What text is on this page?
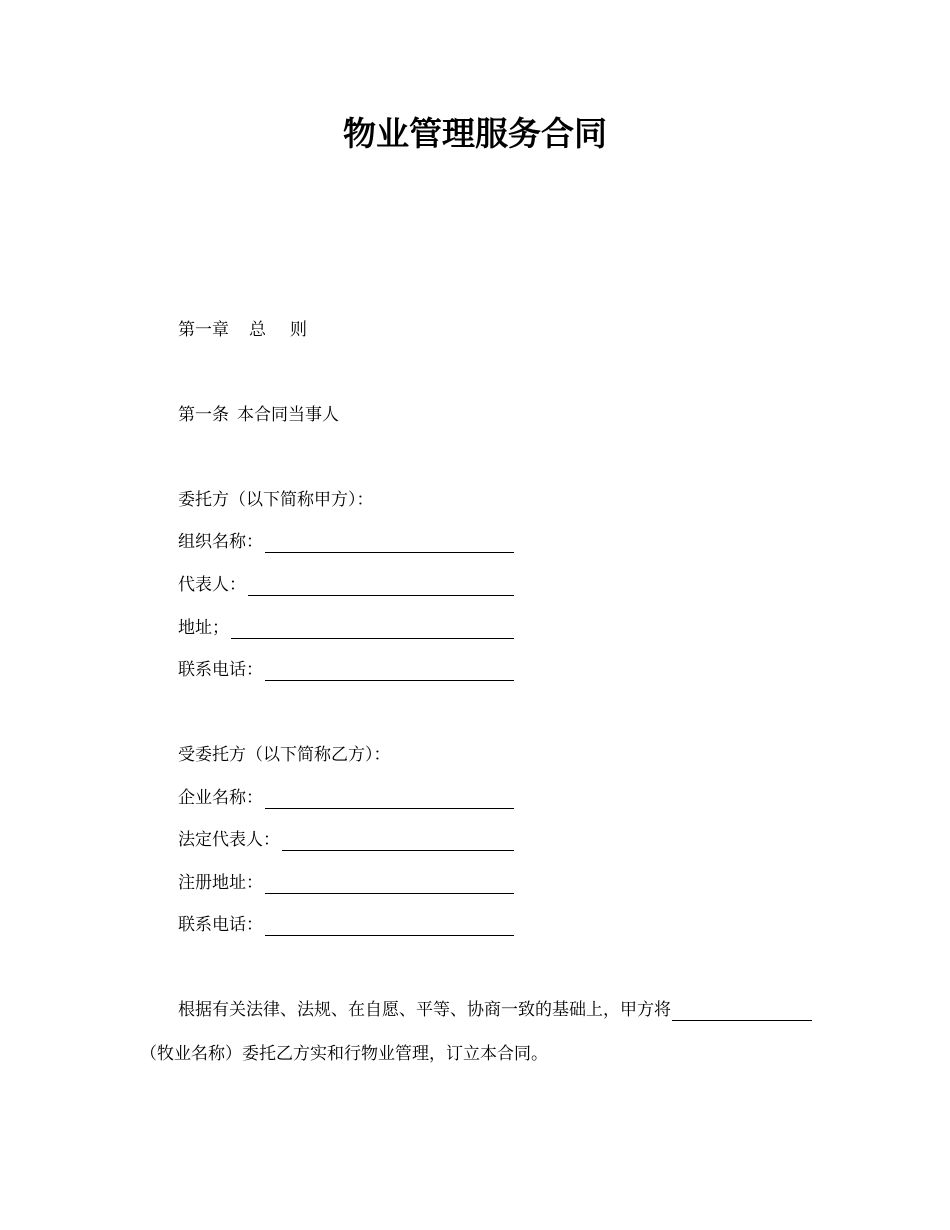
物业管理服务合同
第一章 总 则
第一条 本合同当事人
委托方（以下简称甲方）：
组织名称：
代表人：
地址；
联系电话：
受委托方（以下简称乙方）：
企业名称：
法定代表人：
注册地址：
联系电话：
根据有关法律、法规、在自愿、平等、协商一致的基础上，甲方将
（牧业名称）委托乙方实和行物业管理，订立本合同。
